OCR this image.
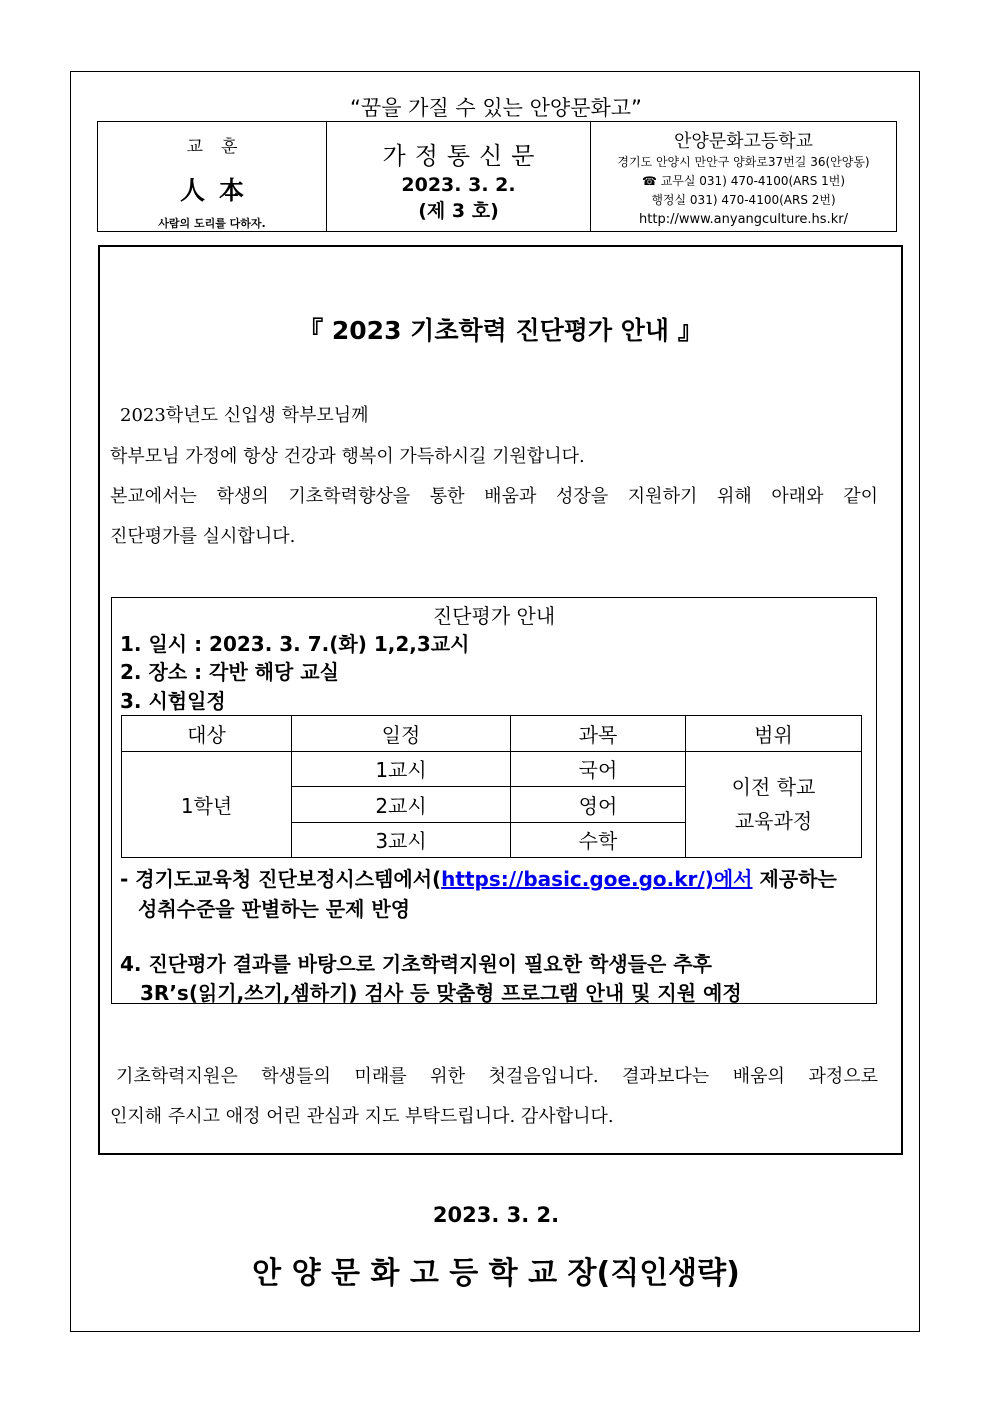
“꿈을 가질 수 있는 안양문화고”
교훈
人本
사람의 도리를 다하자.

가정통신문
2023. 3. 2.
(제 3 호)

안양문화고등학교
경기도 안양시 만안구 양화로37번길 36(안양동)
☎ 교무실 031) 470-4100(ARS 1번)
행정실 031) 470-4100(ARS 2번)
http://www.anyangculture.hs.kr/
『 2023 기초학력 진단평가 안내 』
2023학년도 신입생 학부모님께
학부모님 가정에 항상 건강과 행복이 가득하시길 기원합니다.
본교에서는 학생의 기초학력향상을 통한 배움과 성장을 지원하기 위해 아래와 같이
진단평가를 실시합니다.
진단평가 안내
1. 일시 : 2023. 3. 7.(화) 1,2,3교시
2. 장소 : 각반 해당 교실
3. 시험일정
대상	일정	과목	범위
1학년	1교시	국어	이전 학교
교육과정

	2교시	영어	
	3교시	수학	
- 경기도교육청 진단보정시스템에서(https://basic.goe.go.kr/)에서 제공하는
성취수준을 판별하는 문제 반영
4. 진단평가 결과를 바탕으로 기초학력지원이 필요한 학생들은 추후
3R’s(읽기,쓰기,셈하기) 검사 등 맞춤형 프로그램 안내 및 지원 예정
기초학력지원은 학생들의 미래를 위한 첫걸음입니다. 결과보다는 배움의 과정으로
인지해 주시고 애정 어린 관심과 지도 부탁드립니다. 감사합니다.
2023. 3. 2.
안 양 문 화 고 등 학 교 장(직인생략)
